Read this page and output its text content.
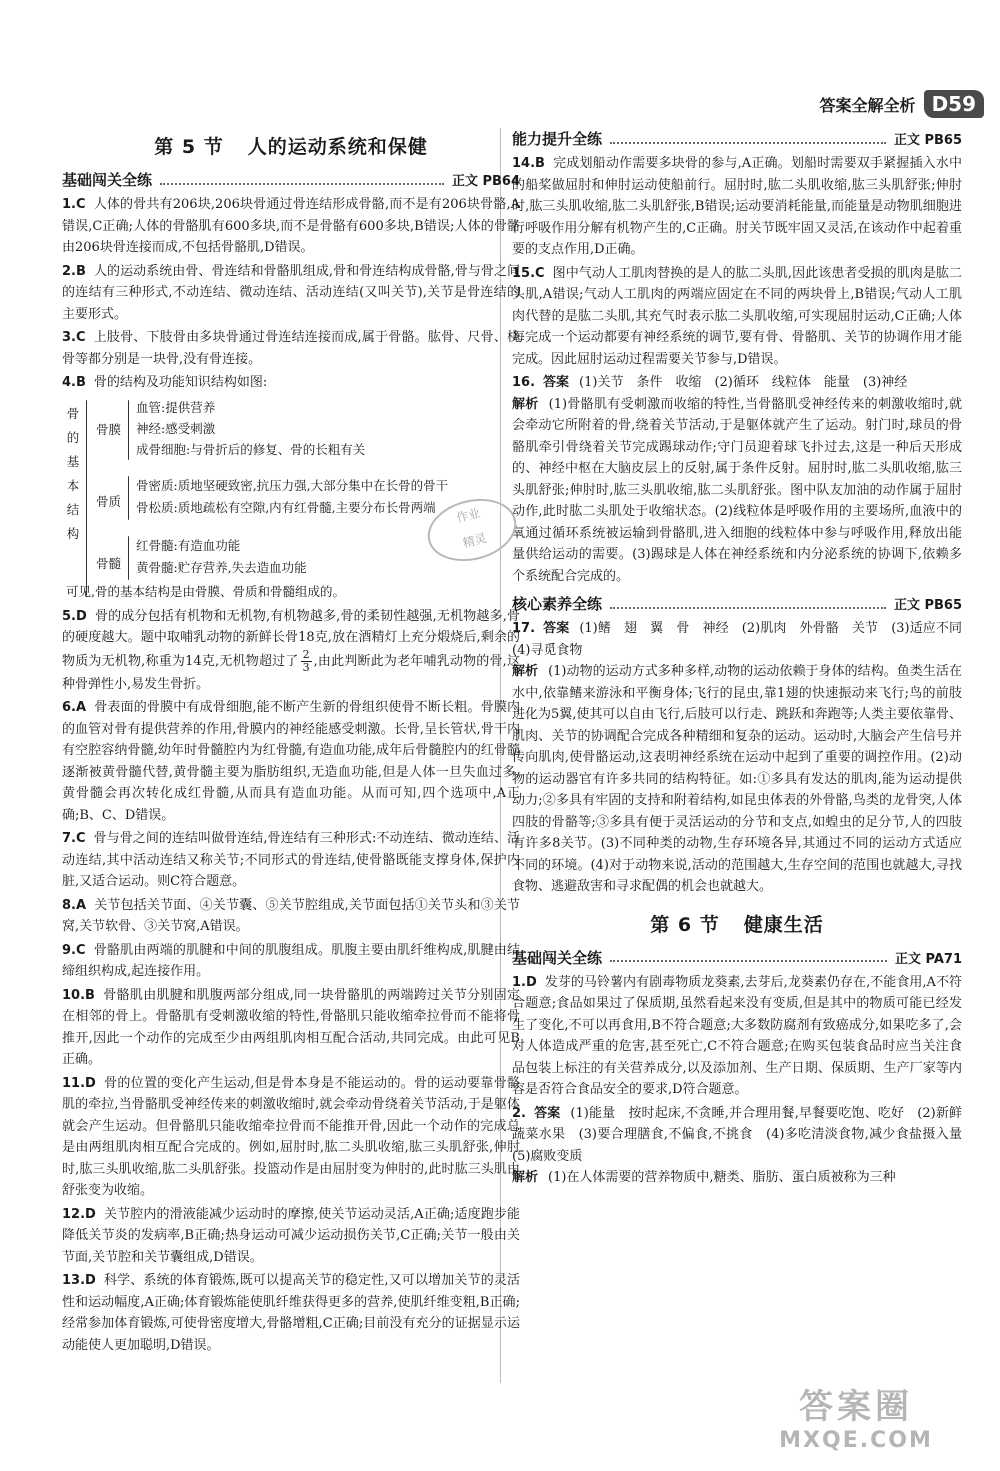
答案全解全析 D59
第 5 节 人的运动系统和保健
基础闯关全练	正文 PB64

1.C 人体的骨共有206块,206块骨通过骨连结形成骨骼,而不是有206块骨骼,A错误,C正确;人体的骨骼肌有600多块,而不是骨骼有600多块,B错误;人体的骨骼由206块骨连接而成,不包括骨骼肌,D错误。

2.B 人的运动系统由骨、骨连结和骨骼肌组成,骨和骨连结构成骨骼,骨与骨之间的连结有三种形式,不动连结、微动连结、活动连结(又叫关节),关节是骨连结的主要形式。

3.C 上肢骨、下肢骨由多块骨通过骨连结连接而成,属于骨骼。肱骨、尺骨、桡骨等都分别是一块骨,没有骨连接。

4.B 骨的结构及功能知识结构如图:

骨
的
基
本
结
构
骨膜
血管:提供营养
神经:感受刺激
成骨细胞:与骨折后的修复、骨的长粗有关
骨质
骨密质:质地坚硬致密,抗压力强,大部分集中在长骨的骨干
骨松质:质地疏松有空隙,内有红骨髓,主要分布长骨两端
骨髓
红骨髓:有造血功能
黄骨髓:贮存营养,失去造血功能
可见,骨的基本结构是由骨膜、骨质和骨髓组成的。

5.D 骨的成分包括有机物和无机物,有机物越多,骨的柔韧性越强,无机物越多,骨的硬度越大。题中取哺乳动物的新鲜长骨18克,放在酒精灯上充分煅烧后,剩余的物质为无机物,称重为14克,无机物超过了 $\frac{2}{3}$ ,由此判断此为老年哺乳动物的骨,这种骨弹性小,易发生骨折。

6.A 骨表面的骨膜中有成骨细胞,能不断产生新的骨组织使骨不断长粗。骨膜内的血管对骨有提供营养的作用,骨膜内的神经能感受刺激。长骨,呈长管状,骨干内有空腔容纳骨髓,幼年时骨髓腔内为红骨髓,有造血功能,成年后骨髓腔内的红骨髓逐渐被黄骨髓代替,黄骨髓主要为脂肪组织,无造血功能,但是人体一旦失血过多,黄骨髓会再次转化成红骨髓,从而具有造血功能。从而可知,四个选项中,A正确;B、C、D错误。

7.C 骨与骨之间的连结叫做骨连结,骨连结有三种形式:不动连结、微动连结、活动连结,其中活动连结又称关节;不同形式的骨连结,使骨骼既能支撑身体,保护内脏,又适合运动。则C符合题意。

8.A 关节包括关节面、④关节囊、⑤关节腔组成,关节面包括①关节头和③关节窝,关节软骨、③关节窝,A错误。

9.C 骨骼肌由两端的肌腱和中间的肌腹组成。肌腹主要由肌纤维构成,肌腱由结缔组织构成,起连接作用。

10.B 骨骼肌由肌腱和肌腹两部分组成,同一块骨骼肌的两端跨过关节分别固定在相邻的骨上。骨骼肌有受刺激收缩的特性,骨骼肌只能收缩牵拉骨而不能将骨推开,因此一个动作的完成至少由两组肌肉相互配合活动,共同完成。由此可见B正确。

11.D 骨的位置的变化产生运动,但是骨本身是不能运动的。骨的运动要靠骨骼肌的牵拉,当骨骼肌受神经传来的刺激收缩时,就会牵动骨绕着关节活动,于是躯体就会产生运动。但骨骼肌只能收缩牵拉骨而不能推开骨,因此一个动作的完成总是由两组肌肉相互配合完成的。例如,屈肘时,肱二头肌收缩,肱三头肌舒张,伸肘时,肱三头肌收缩,肱二头肌舒张。投篮动作是由屈肘变为伸肘的,此时肱三头肌由舒张变为收缩。

12.D 关节腔内的滑液能减少运动时的摩擦,使关节运动灵活,A正确;适度跑步能降低关节炎的发病率,B正确;热身运动可减少运动损伤关节,C正确;关节一般由关节面,关节腔和关节囊组成,D错误。

13.D 科学、系统的体育锻炼,既可以提高关节的稳定性,又可以增加关节的灵活性和运动幅度,A正确;体育锻炼能使肌纤维获得更多的营养,使肌纤维变粗,B正确;经常参加体育锻炼,可使骨密度增大,骨骼增粗,C正确;目前没有充分的证据显示运动能使人更加聪明,D错误。

能力提升全练	正文 PB65

14.B 完成划船动作需要多块骨的参与,A正确。划船时需要双手紧握插入水中的船桨做屈肘和伸肘运动使船前行。屈肘时,肱二头肌收缩,肱三头肌舒张;伸肘时,肱三头肌收缩,肱二头肌舒张,B错误;运动要消耗能量,而能量是动物肌细胞进行呼吸作用分解有机物产生的,C正确。肘关节既牢固又灵活,在该动作中起着重要的支点作用,D正确。

15.C 图中气动人工肌肉替换的是人的肱二头肌,因此该患者受损的肌肉是肱二头肌,A错误;气动人工肌肉的两端应固定在不同的两块骨上,B错误;气动人工肌肉代替的是肱二头肌,其充气时表示肱二头肌收缩,可实现屈肘运动,C正确;人体每完成一个运动都要有神经系统的调节,要有骨、骨骼肌、关节的协调作用才能完成。因此屈肘运动过程需要关节参与,D错误。

16. 答案 (1)关节　条件　收缩　(2)循环　线粒体　能量　(3)神经
解析 (1)骨骼肌有受刺激而收缩的特性,当骨骼肌受神经传来的刺激收缩时,就会牵动它所附着的骨,绕着关节活动,于是躯体就产生了运动。射门时,球员的骨骼肌牵引骨绕着关节完成踢球动作;守门员迎着球飞扑过去,这是一种后天形成的、神经中枢在大脑皮层上的反射,属于条件反射。屈肘时,肱二头肌收缩,肱三头肌舒张;伸肘时,肱三头肌收缩,肱二头肌舒张。图中队友加油的动作属于屈肘动作,此时肱二头肌处于收缩状态。(2)线粒体是呼吸作用的主要场所,血液中的氧通过循环系统被运输到骨骼肌,进入细胞的线粒体中参与呼吸作用,释放出能量供给运动的需要。(3)踢球是人体在神经系统和内分泌系统的协调下,依赖多个系统配合完成的。

核心素养全练	正文 PB65

17. 答案 (1)鳍　翅　翼　骨　神经　(2)肌肉　外骨骼　关节　(3)适应不同　(4)寻觅食物
解析 (1)动物的运动方式多种多样,动物的运动依赖于身体的结构。鱼类生活在水中,依靠鳍来游泳和平衡身体;飞行的昆虫,靠1翅的快速振动来飞行;鸟的前肢进化为5翼,使其可以自由飞行,后肢可以行走、跳跃和奔跑等;人类主要依靠骨、肌肉、关节的协调配合完成各种精细和复杂的运动。运动时,大脑会产生信号并传向肌肉,使骨骼运动,这表明神经系统在运动中起到了重要的调控作用。(2)动物的运动器官有许多共同的结构特征。如:①多具有发达的肌肉,能为运动提供动力;②多具有牢固的支持和附着结构,如昆虫体表的外骨骼,鸟类的龙骨突,人体四肢的骨骼等;③多具有便于灵活运动的分节和支点,如蝗虫的足分节,人的四肢有许多8关节。(3)不同种类的动物,生存环境各异,其通过不同的运动方式适应不同的环境。(4)对于动物来说,活动的范围越大,生存空间的范围也就越大,寻找食物、逃避敌害和寻求配偶的机会也就越大。

第 6 节 健康生活
基础闯关全练	正文 PA71

1.D 发芽的马铃薯内有剧毒物质龙葵素,去芽后,龙葵素仍存在,不能食用,A不符合题意;食品如果过了保质期,虽然看起来没有变质,但是其中的物质可能已经发生了变化,不可以再食用,B不符合题意;大多数防腐剂有致癌成分,如果吃多了,会对人体造成严重的危害,甚至死亡,C不符合题意;在购买包装食品时应当关注食品包装上标注的有关营养成分,以及添加剂、生产日期、保质期、生产厂家等内容是否符合食品安全的要求,D符合题意。

2. 答案 (1)能量　按时起床,不贪睡,并合理用餐,早餐要吃饱、吃好　(2)新鲜蔬菜水果　(3)要合理膳食,不偏食,不挑食　(4)多吃清淡食物,减少食盐摄入量　(5)腐败变质
解析 (1)在人体需要的营养物质中,糖类、脂肪、蛋白质被称为三种

作业
精灵
答案圈
MXQE.COM
